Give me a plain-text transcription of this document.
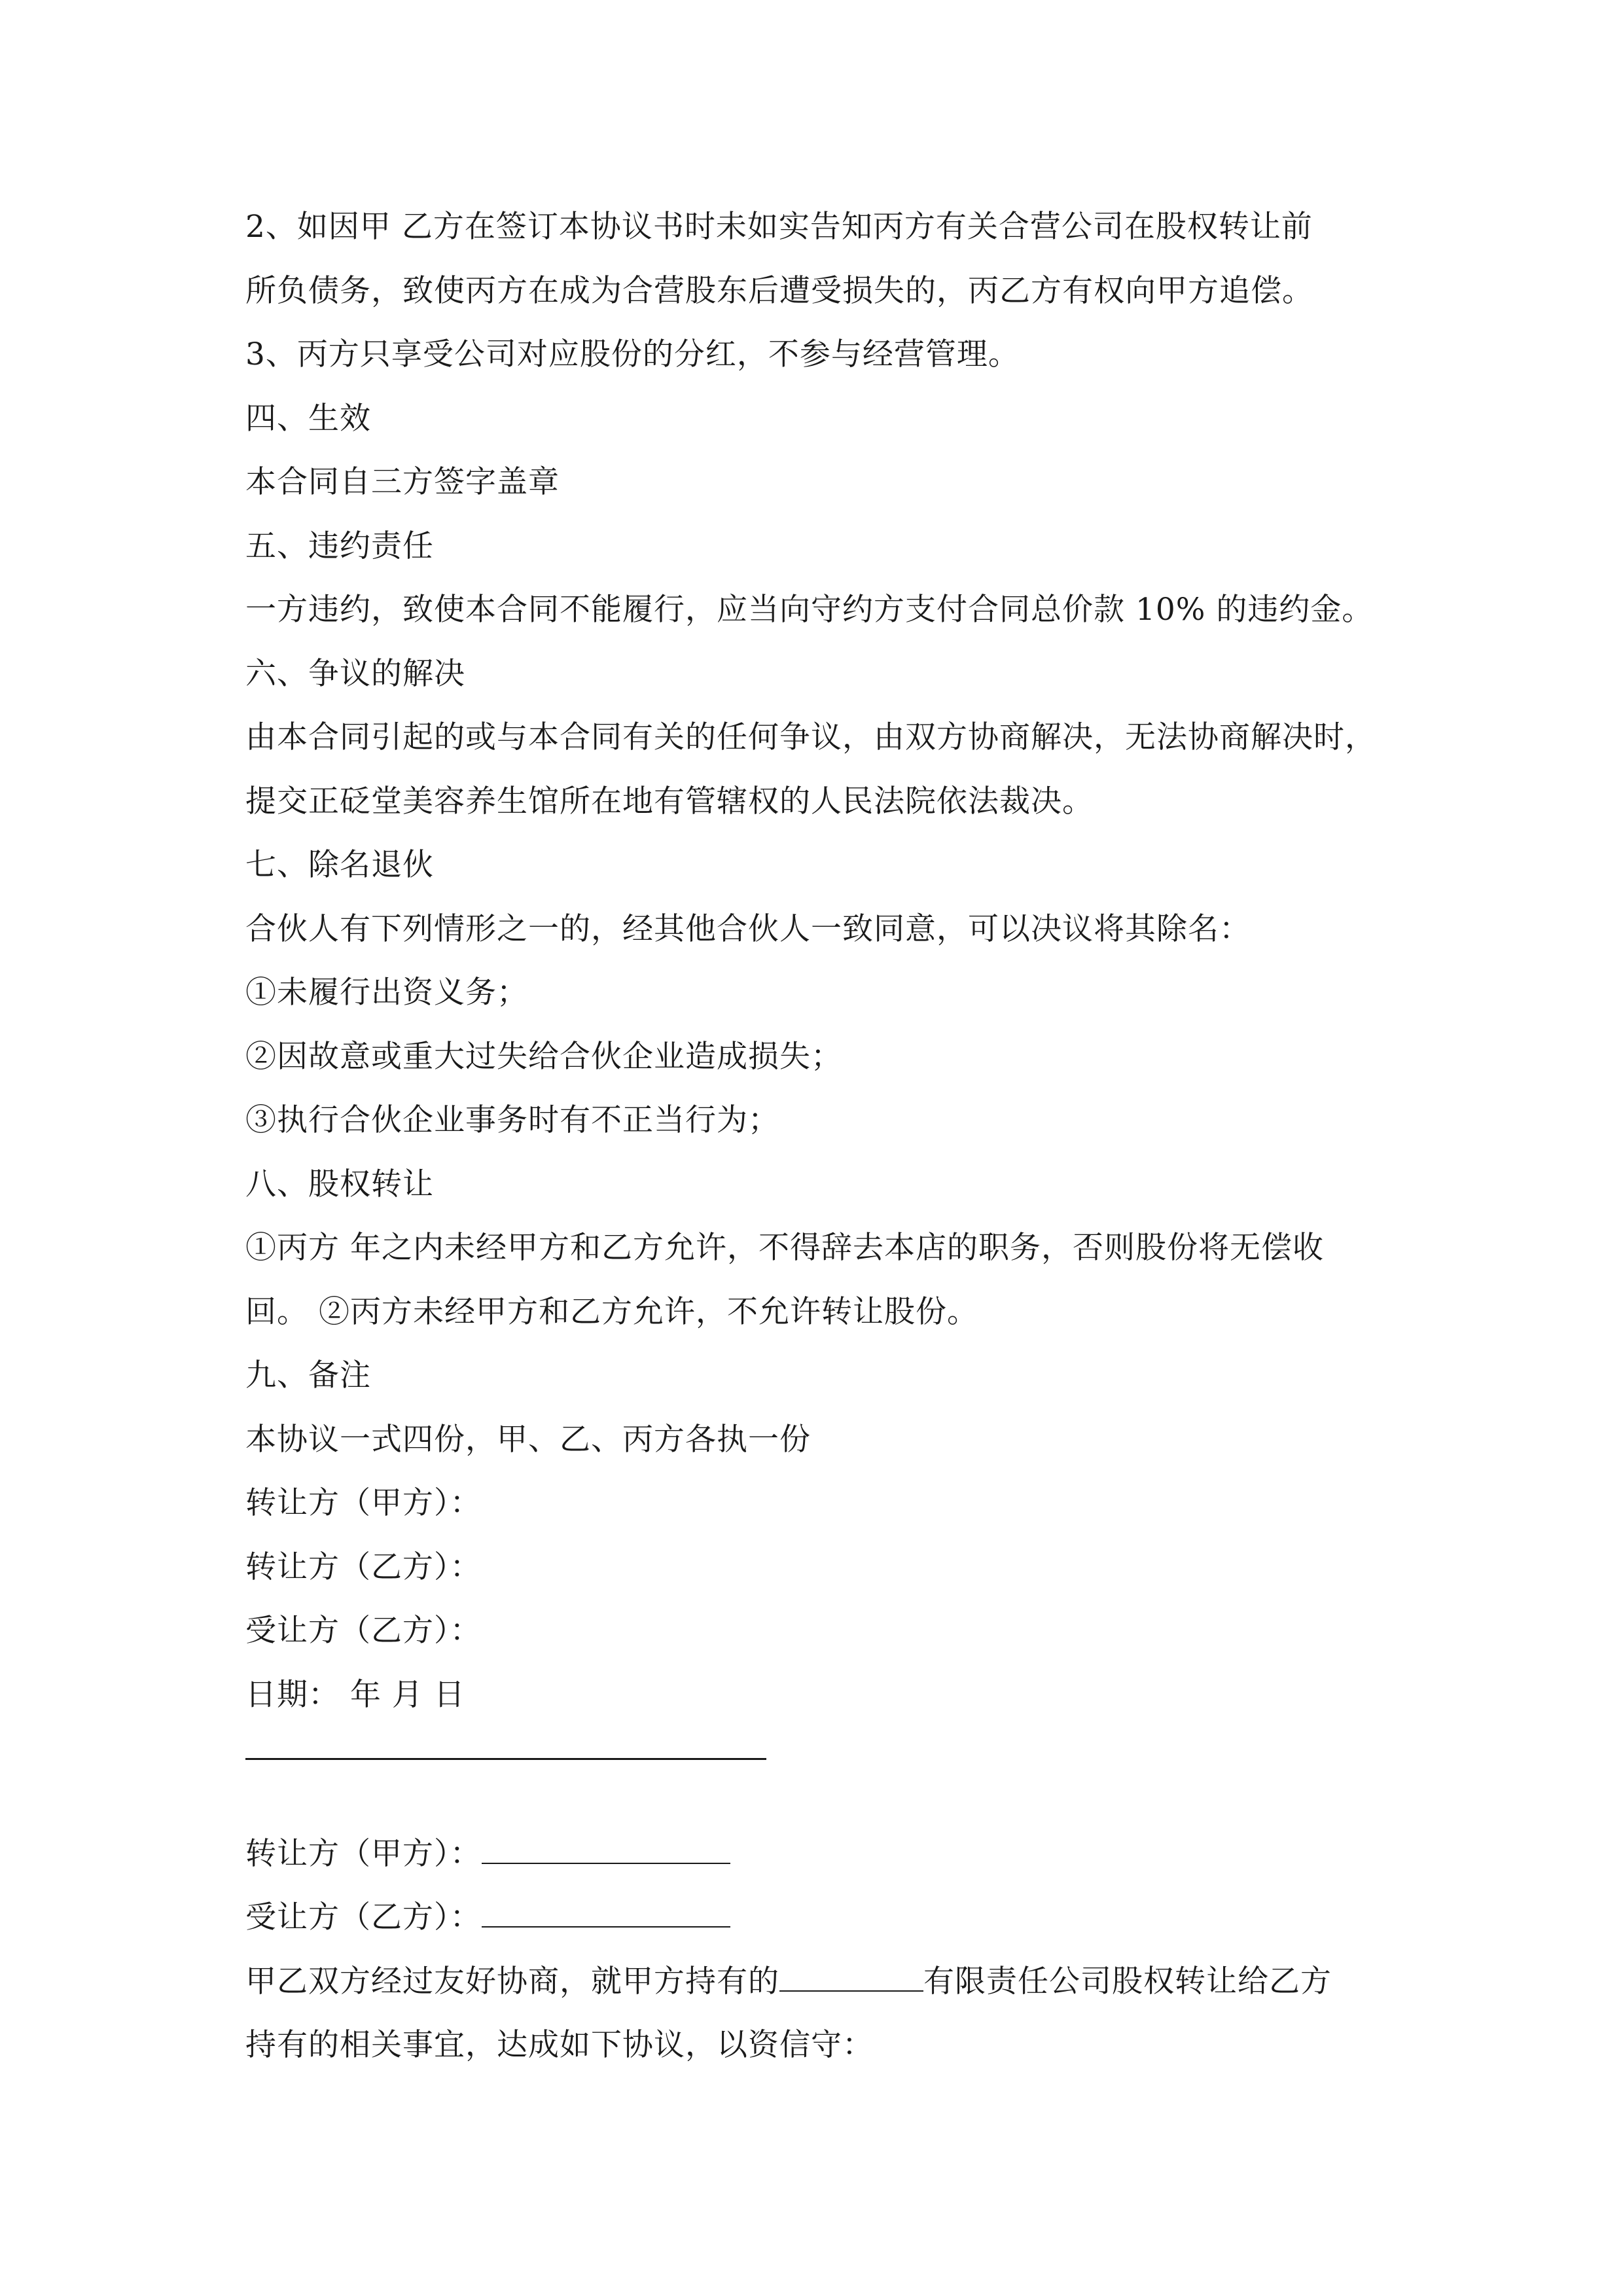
2、如因甲 乙方在签订本协议书时未如实告知丙方有关合营公司在股权转让前
所负债务，致使丙方在成为合营股东后遭受损失的，丙乙方有权向甲方追偿。
3、丙方只享受公司对应股份的分红，不参与经营管理。
四、生效
本合同自三方签字盖章
五、违约责任
一方违约，致使本合同不能履行，应当向守约方支付合同总价款 10% 的违约金。
六、争议的解决
由本合同引起的或与本合同有关的任何争议，由双方协商解决，无法协商解决时，
提交正砭堂美容养生馆所在地有管辖权的人民法院依法裁决。
七、除名退伙
合伙人有下列情形之一的，经其他合伙人一致同意，可以决议将其除名：
①未履行出资义务；
②因故意或重大过失给合伙企业造成损失；
③执行合伙企业事务时有不正当行为；
八、股权转让
①丙方 年之内未经甲方和乙方允许，不得辞去本店的职务，否则股份将无偿收
回。 ②丙方未经甲方和乙方允许，不允许转让股份。
九、备注
本协议一式四份，甲、乙、丙方各执一份
转让方（甲方）：
转让方（乙方）：
受让方（乙方）：
日期： 年 月 日
转让方（甲方）：
受让方（乙方）：
甲乙双方经过友好协商，就甲方持有的	有限责任公司股权转让给乙方
持有的相关事宜，达成如下协议，以资信守：
